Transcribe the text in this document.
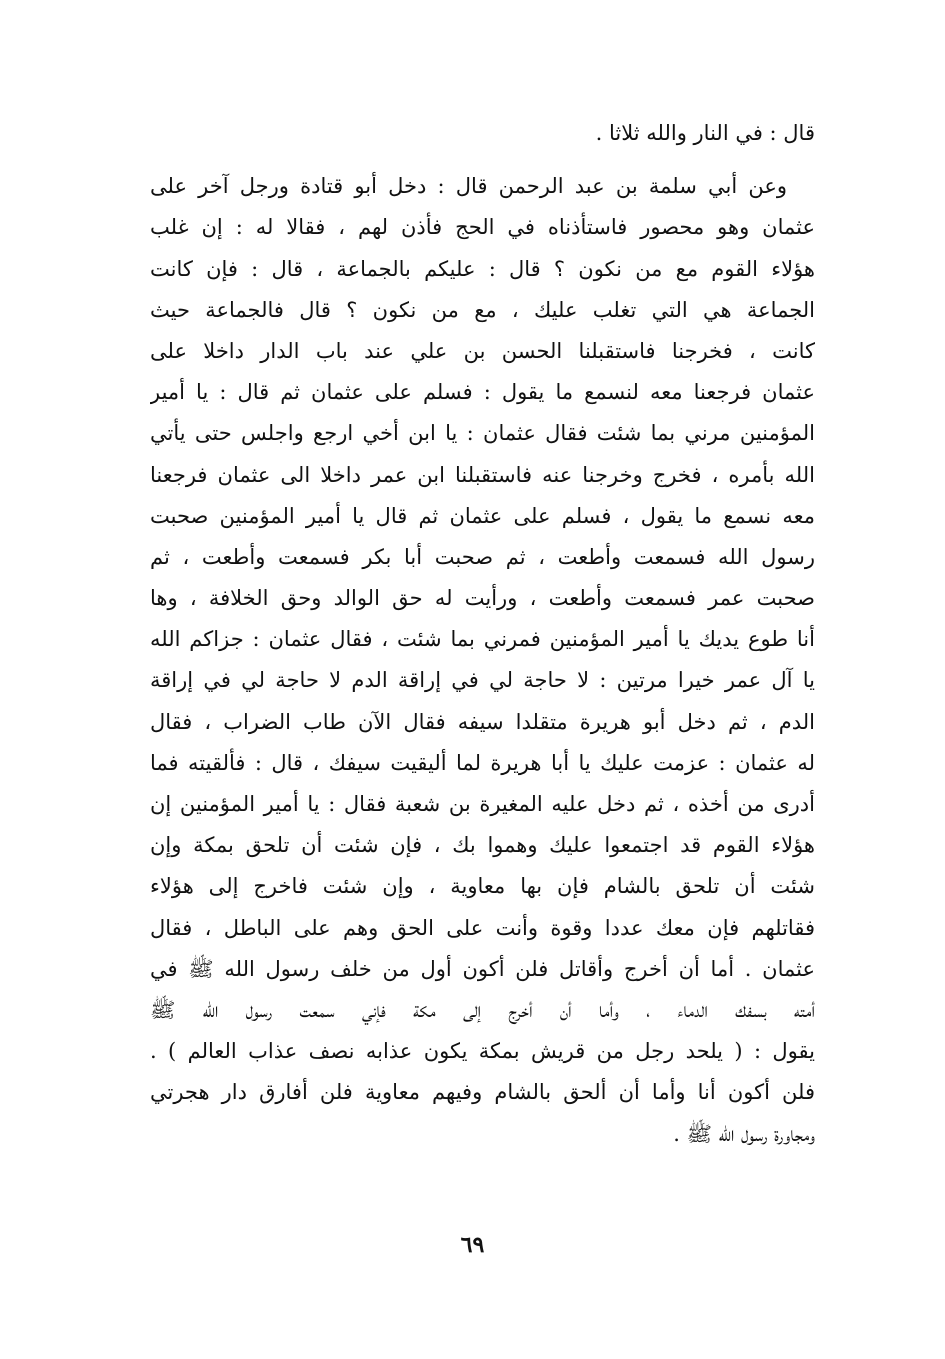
قال : في النار والله ثلاثا .
وعن أبي سلمة بن عبد الرحمن قال : دخل أبو قتادة ورجل آخر على
عثمان وهو محصور فاستأذناه في الحج فأذن لهم ، فقالا له : إن غلب
هؤلاء القوم مع من نكون ؟ قال : عليكم بالجماعة ، قال : فإن كانت
الجماعة هي التي تغلب عليك ، مع من نكون ؟ قال فالجماعة حيث
كانت ، فخرجنا فاستقبلنا الحسن بن علي عند باب الدار داخلا على
عثمان فرجعنا معه لنسمع ما يقول : فسلم على عثمان ثم قال : يا أمير
المؤمنين مرني بما شئت فقال عثمان : يا ابن أخي ارجع واجلس حتى يأتي
الله بأمره ، فخرج وخرجنا عنه فاستقبلنا ابن عمر داخلا الى عثمان فرجعنا
معه نسمع ما يقول ، فسلم على عثمان ثم قال يا أمير المؤمنين صحبت
رسول الله فسمعت وأطعت ، ثم صحبت أبا بكر فسمعت وأطعت ، ثم
صحبت عمر فسمعت وأطعت ، ورأيت له حق الوالد وحق الخلافة ، وها
أنا طوع يديك يا أمير المؤمنين فمرني بما شئت ، فقال عثمان : جزاكم الله
يا آل عمر خيرا مرتين : لا حاجة لي في إراقة الدم لا حاجة لي في إراقة
الدم ، ثم دخل أبو هريرة متقلدا سيفه فقال الآن طاب الضراب ، فقال
له عثمان : عزمت عليك يا أبا هريرة لما أليقيت سيفك ، قال : فألقيته فما
أدرى من أخذه ، ثم دخل عليه المغيرة بن شعبة فقال : يا أمير المؤمنين إن
هؤلاء القوم قد اجتمعوا عليك وهموا بك ، فإن شئت أن تلحق بمكة وإن
شئت أن تلحق بالشام فإن بها معاوية ، وإن شئت فاخرج إلى هؤلاء
فقاتلهم فإن معك عددا وقوة وأنت على الحق وهم على الباطل ، فقال
عثمان . أما أن أخرج وأقاتل فلن أكون أول من خلف رسول الله ﷺ في
أمته بسفك الدماء ، وأما أن أخرج إلى مكة فإني سمعت رسول الله ﷺ
يقول : ( يلحد رجل من قريش بمكة يكون عذابه نصف عذاب العالم ) .
فلن أكون أنا وأما أن ألحق بالشام وفيهم معاوية فلن أفارق دار هجرتي
ومجاورة رسول الله ﷺ .
٦٩
